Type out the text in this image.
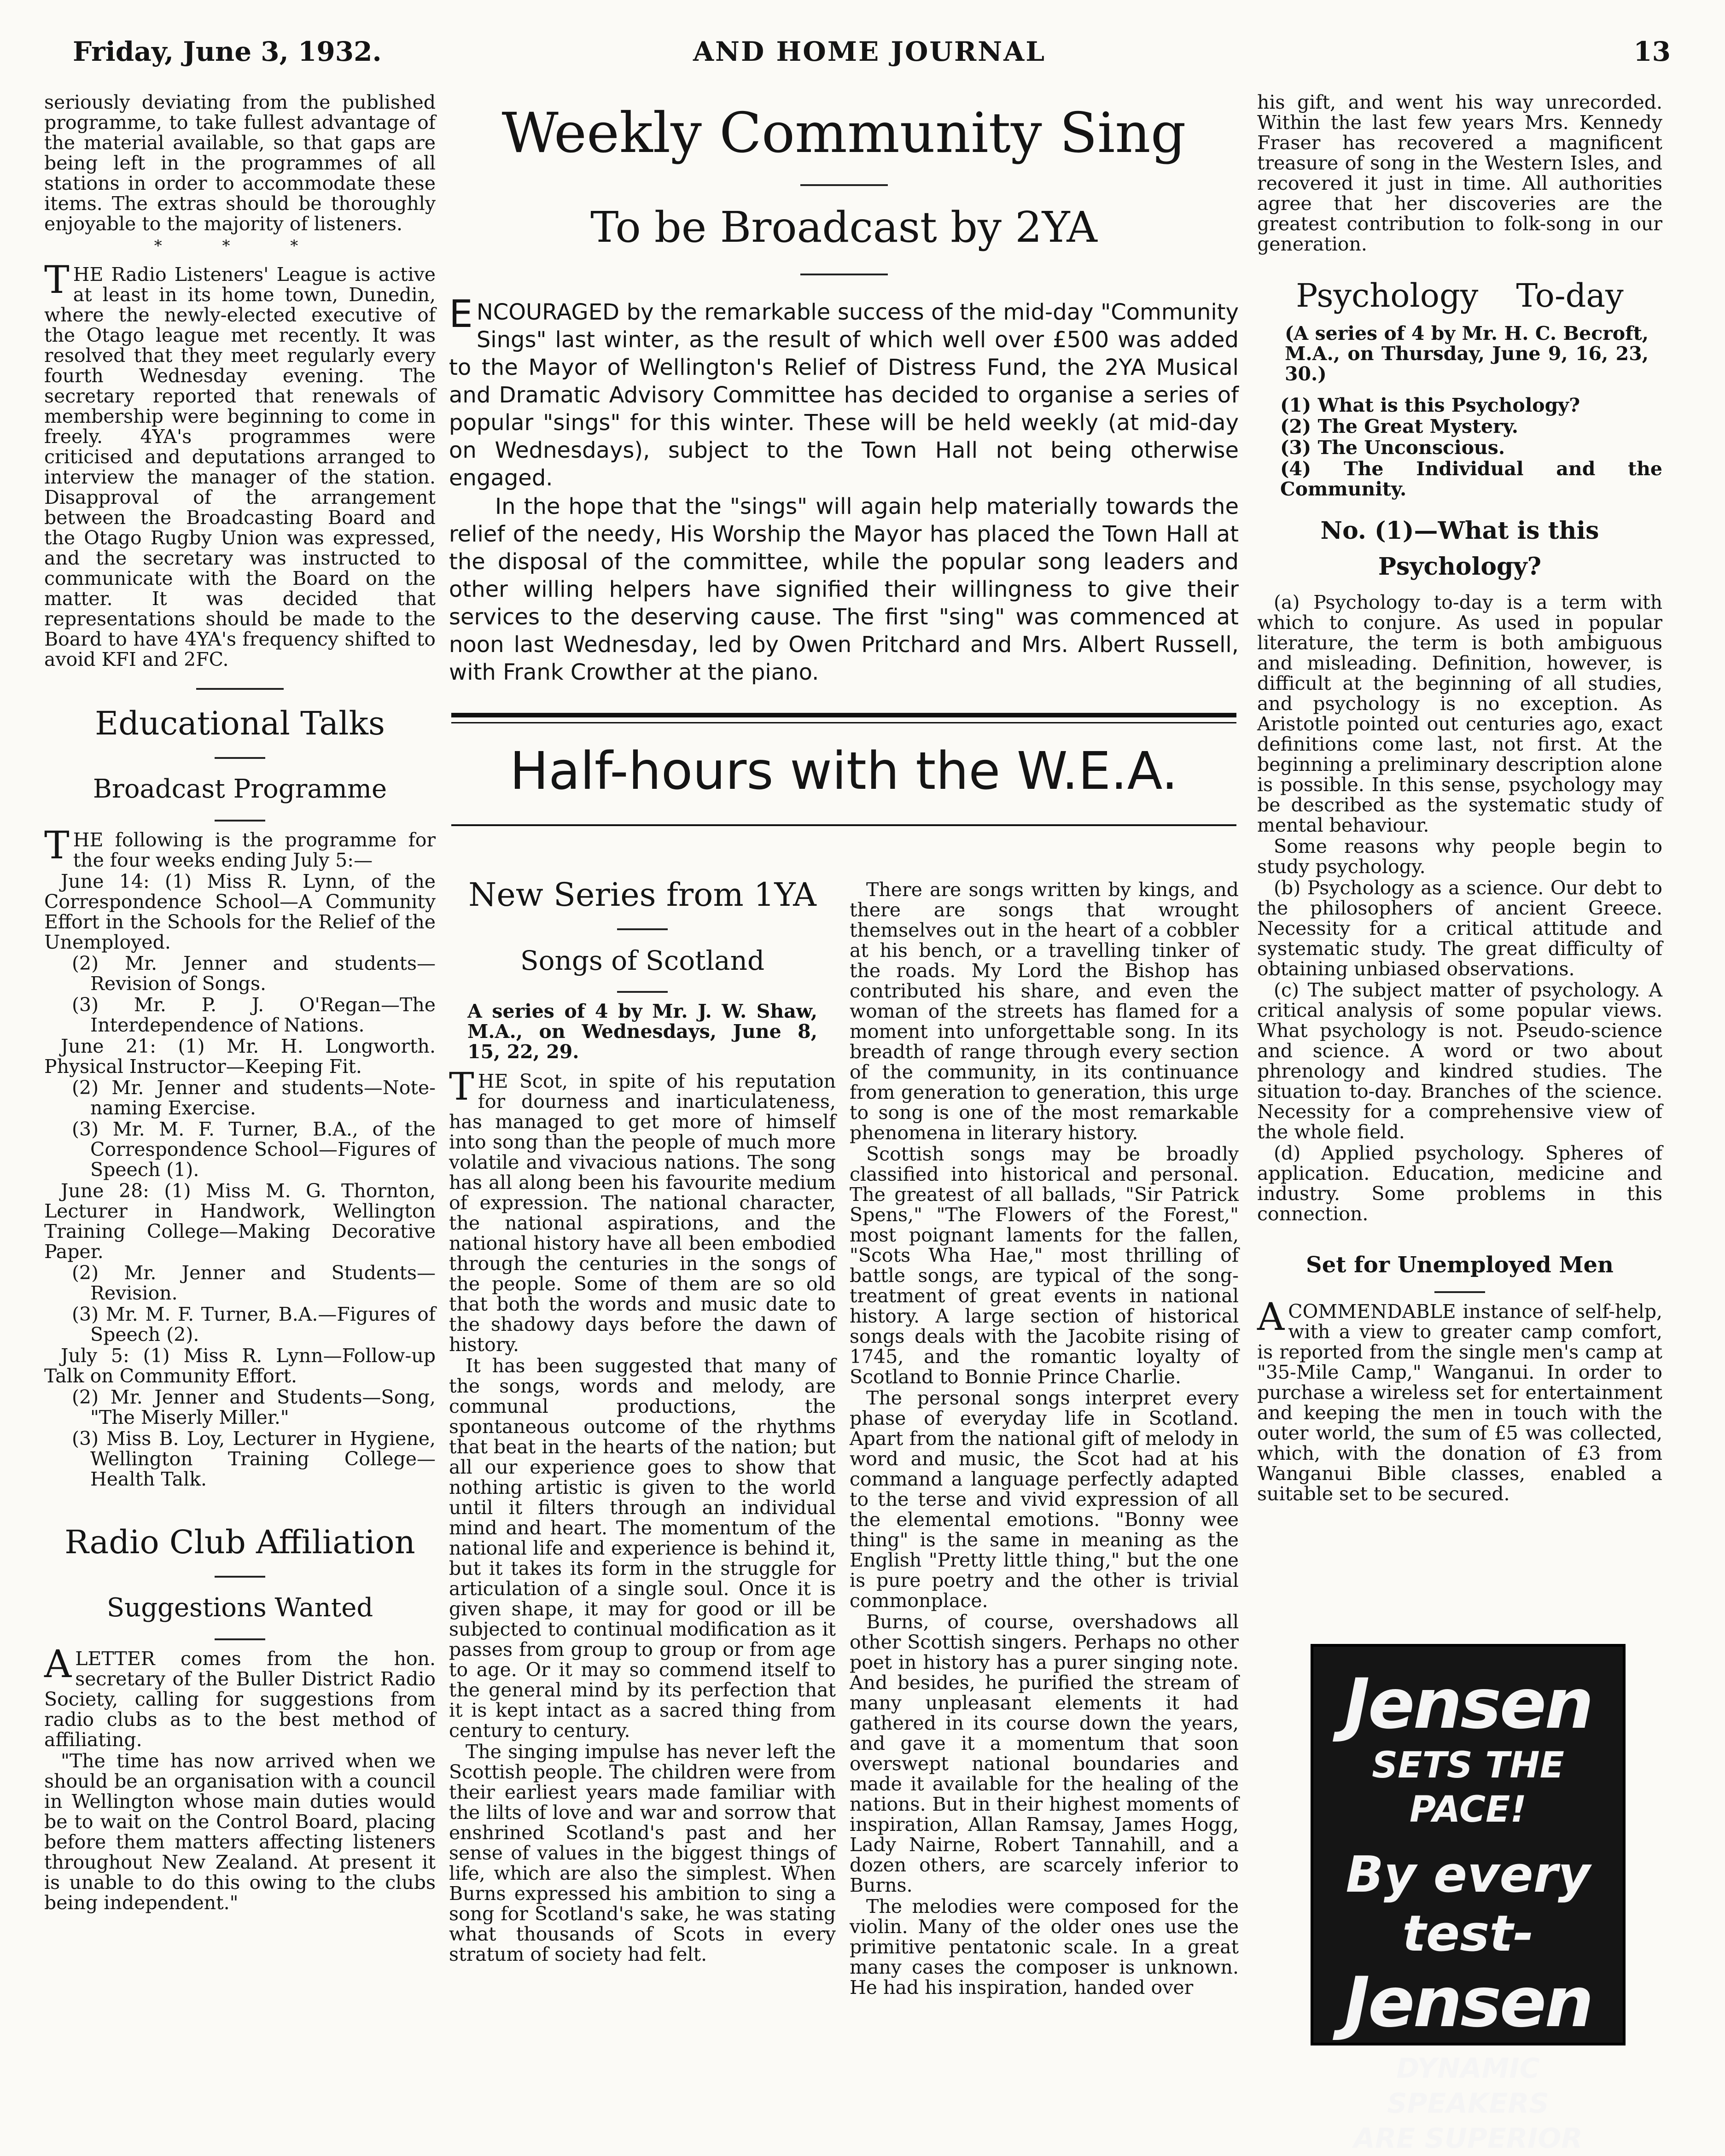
Friday, June 3, 1932.	AND HOME JOURNAL	13

seriously deviating from the published programme, to take fullest advantage of the material available, so that gaps are being left in the programmes of all stations in order to accommodate these items. The extras should be thoroughly enjoyable to the majority of listeners.

* * *

THE Radio Listeners' League is active at least in its home town, Dunedin, where the newly-elected executive of the Otago league met recently. It was resolved that they meet regularly every fourth Wednesday evening. The secretary reported that renewals of membership were beginning to come in freely. 4YA's programmes were criticised and deputations arranged to interview the manager of the station. Disapproval of the arrangement between the Broadcasting Board and the Otago Rugby Union was expressed, and the secretary was instructed to communicate with the Board on the matter. It was decided that representations should be made to the Board to have 4YA's frequency shifted to avoid KFI and 2FC.

Educational Talks
Broadcast Programme

THE following is the programme for the four weeks ending July 5:—

June 14: (1) Miss R. Lynn, of the Correspondence School—A Community Effort in the Schools for the Relief of the Unemployed.

(2) Mr. Jenner and students—Revision of Songs.

(3) Mr. P. J. O'Regan—The Interdependence of Nations.

June 21: (1) Mr. H. Longworth. Physical Instructor—Keeping Fit.

(2) Mr. Jenner and students—Note-naming Exercise.

(3) Mr. M. F. Turner, B.A., of the Correspondence School—Figures of Speech (1).

June 28: (1) Miss M. G. Thornton, Lecturer in Handwork, Wellington Training College—Making Decorative Paper.

(2) Mr. Jenner and Students—Revision.

(3) Mr. M. F. Turner, B.A.—Figures of Speech (2).

July 5: (1) Miss R. Lynn—Follow-up Talk on Community Effort.

(2) Mr. Jenner and Students—Song, "The Miserly Miller."

(3) Miss B. Loy, Lecturer in Hygiene, Wellington Training College—Health Talk.

Radio Club Affiliation
Suggestions Wanted

ALETTER comes from the hon. secretary of the Buller District Radio Society, calling for suggestions from radio clubs as to the best method of affiliating.

"The time has now arrived when we should be an organisation with a council in Wellington whose main duties would be to wait on the Control Board, placing before them matters affecting listeners throughout New Zealand. At present it is unable to do this owing to the clubs being independent."

Weekly Community Sing
To be Broadcast by 2YA

ENCOURAGED by the remarkable success of the mid-day "Community Sings" last winter, as the result of which well over £500 was added to the Mayor of Wellington's Relief of Distress Fund, the 2YA Musical and Dramatic Advisory Committee has decided to organise a series of popular "sings" for this winter. These will be held weekly (at mid-day on Wednesdays), subject to the Town Hall not being otherwise engaged.

In the hope that the "sings" will again help materially towards the relief of the needy, His Worship the Mayor has placed the Town Hall at the disposal of the committee, while the popular song leaders and other willing helpers have signified their willingness to give their services to the deserving cause. The first "sing" was commenced at noon last Wednesday, led by Owen Pritchard and Mrs. Albert Russell, with Frank Crowther at the piano.

Half-hours with the W.E.A.
New Series from 1YA
Songs of Scotland

A series of 4 by Mr. J. W. Shaw, M.A., on Wednesdays, June 8, 15, 22, 29.

THE Scot, in spite of his reputation for dourness and inarticulateness, has managed to get more of himself into song than the people of much more volatile and vivacious nations. The song has all along been his favourite medium of expression. The national character, the national aspirations, and the national history have all been embodied through the centuries in the songs of the people. Some of them are so old that both the words and music date to the shadowy days before the dawn of history.

It has been suggested that many of the songs, words and melody, are communal productions, the spontaneous outcome of the rhythms that beat in the hearts of the nation; but all our experience goes to show that nothing artistic is given to the world until it filters through an individual mind and heart. The momentum of the national life and experience is behind it, but it takes its form in the struggle for articulation of a single soul. Once it is given shape, it may for good or ill be subjected to continual modification as it passes from group to group or from age to age. Or it may so commend itself to the general mind by its perfection that it is kept intact as a sacred thing from century to century.

The singing impulse has never left the Scottish people. The children were from their earliest years made familiar with the lilts of love and war and sorrow that enshrined Scotland's past and her sense of values in the biggest things of life, which are also the simplest. When Burns expressed his ambition to sing a song for Scotland's sake, he was stating what thousands of Scots in every stratum of society had felt.

There are songs written by kings, and there are songs that wrought themselves out in the heart of a cobbler at his bench, or a travelling tinker of the roads. My Lord the Bishop has contributed his share, and even the woman of the streets has flamed for a moment into unforgettable song. In its breadth of range through every section of the community, in its continuance from generation to generation, this urge to song is one of the most remarkable phenomena in literary history.

Scottish songs may be broadly classified into historical and personal. The greatest of all ballads, "Sir Patrick Spens," "The Flowers of the Forest," most poignant laments for the fallen, "Scots Wha Hae," most thrilling of battle songs, are typical of the song-treatment of great events in national history. A large section of historical songs deals with the Jacobite rising of 1745, and the romantic loyalty of Scotland to Bonnie Prince Charlie.

The personal songs interpret every phase of everyday life in Scotland. Apart from the national gift of melody in word and music, the Scot had at his command a language perfectly adapted to the terse and vivid expression of all the elemental emotions. "Bonny wee thing" is the same in meaning as the English "Pretty little thing," but the one is pure poetry and the other is trivial commonplace.

Burns, of course, overshadows all other Scottish singers. Perhaps no other poet in history has a purer singing note. And besides, he purified the stream of many unpleasant elements it had gathered in its course down the years, and gave it a momentum that soon overswept national boundaries and made it available for the healing of the nations. But in their highest moments of inspiration, Allan Ramsay, James Hogg, Lady Nairne, Robert Tannahill, and a dozen others, are scarcely inferior to Burns.

The melodies were composed for the violin. Many of the older ones use the primitive pentatonic scale. In a great many cases the composer is unknown. He had his inspiration, handed over

his gift, and went his way unrecorded. Within the last few years Mrs. Kennedy Fraser has recovered a magnificent treasure of song in the Western Isles, and recovered it just in time. All authorities agree that her discoveries are the greatest contribution to folk-song in our generation.

Psychology To-day

(A series of 4 by Mr. H. C. Becroft, M.A., on Thursday, June 9, 16, 23, 30.)

(1) What is this Psychology?

(2) The Great Mystery.

(3) The Unconscious.

(4) The Individual and the Community.

No. (1)—What is this Psychology?

(a) Psychology to-day is a term with which to conjure. As used in popular literature, the term is both ambiguous and misleading. Definition, however, is difficult at the beginning of all studies, and psychology is no exception. As Aristotle pointed out centuries ago, exact definitions come last, not first. At the beginning a preliminary description alone is possible. In this sense, psychology may be described as the systematic study of mental behaviour.

Some reasons why people begin to study psychology.

(b) Psychology as a science. Our debt to the philosophers of ancient Greece. Necessity for a critical attitude and systematic study. The great difficulty of obtaining unbiased observations.

(c) The subject matter of psychology. A critical analysis of some popular views. What psychology is not. Pseudo-science and science. A word or two about phrenology and kindred studies. The situation to-day. Branches of the science. Necessity for a comprehensive view of the whole field.

(d) Applied psychology. Spheres of application. Education, medicine and industry. Some problems in this connection.

Set for Unemployed Men

ACOMMENDABLE instance of self-help, with a view to greater camp comfort, is reported from the single men's camp at "35-Mile Camp," Wanganui. In order to purchase a wireless set for entertainment and keeping the men in touch with the outer world, the sum of £5 was collected, which, with the donation of £3 from Wanganui Bible classes, enabled a suitable set to be secured.

Jensen
SETS THE PACE!
By every test-
Jensen
DYNAMIC SPEAKERS
ARE SUPERIOR
